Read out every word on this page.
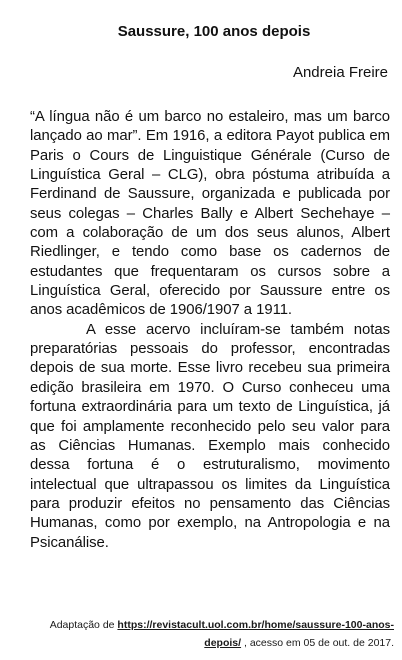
Saussure, 100 anos depois
Andreia Freire

“A língua não é um barco no estaleiro, mas um barco lançado ao mar”. Em 1916, a editora Payot publica em Paris o Cours de Linguistique Générale (Curso de Linguística Geral – CLG), obra póstuma atribuída a Ferdinand de Saussure, organizada e publicada por seus colegas – Charles Bally e Albert Sechehaye – com a colaboração de um dos seus alunos, Albert Riedlinger, e tendo como base os cadernos de estudantes que frequentaram os cursos sobre a Linguística Geral, oferecido por Saussure entre os anos acadêmicos de 1906/1907 a 1911.

A esse acervo incluíram-se também notas preparatórias pessoais do professor, encontradas depois de sua morte. Esse livro recebeu sua primeira edição brasileira em 1970. O Curso conheceu uma fortuna extraordinária para um texto de Linguística, já que foi amplamente reconhecido pelo seu valor para as Ciências Humanas. Exemplo mais conhecido dessa fortuna é o estruturalismo, movimento intelectual que ultrapassou os limites da Linguística para produzir efeitos no pensamento das Ciências Humanas, como por exemplo, na Antropologia e na Psicanálise.

Adaptação de https://revistacult.uol.com.br/home/saussure-100-anos-depois/ , acesso em 05 de out. de 2017.
